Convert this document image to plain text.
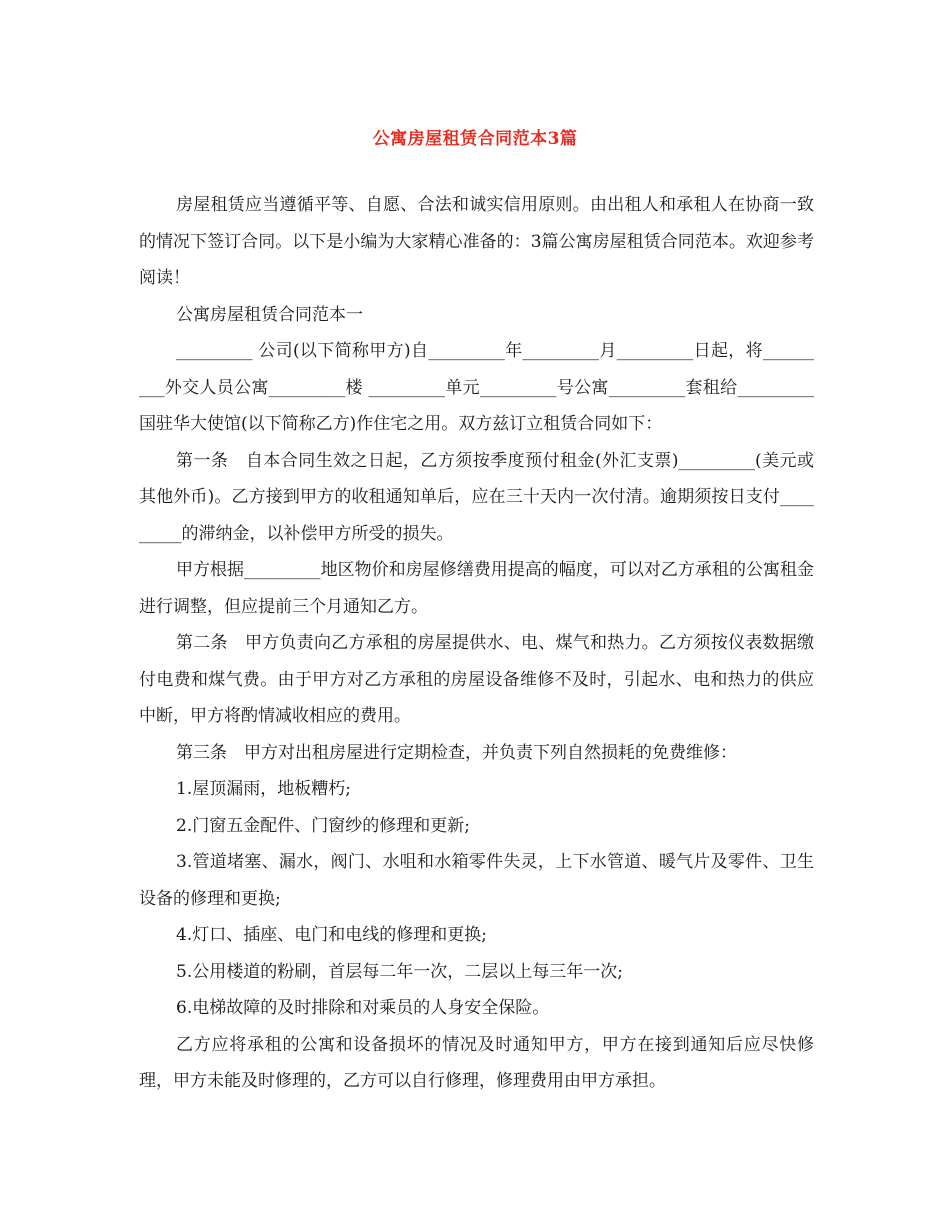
公寓房屋租赁合同范本3篇

房屋租赁应当遵循平等、自愿、合法和诚实信用原则。由出租人和承租人在协商一致的情况下签订合同。以下是小编为大家精心准备的：3篇公寓房屋租赁合同范本。欢迎参考阅读！

公寓房屋租赁合同范本一

_________ 公司(以下简称甲方)自_________年_________月_________日起，将_________外交人员公寓_________楼 _________单元_________号公寓_________套租给_________国驻华大使馆(以下简称乙方)作住宅之用。双方兹订立租赁合同如下：

第一条　自本合同生效之日起，乙方须按季度预付租金(外汇支票)_________(美元或其他外币)。乙方接到甲方的收租通知单后，应在三十天内一次付清。逾期须按日支付_________的滞纳金，以补偿甲方所受的损失。

甲方根据_________地区物价和房屋修缮费用提高的幅度，可以对乙方承租的公寓租金进行调整，但应提前三个月通知乙方。

第二条　甲方负责向乙方承租的房屋提供水、电、煤气和热力。乙方须按仪表数据缴付电费和煤气费。由于甲方对乙方承租的房屋设备维修不及时，引起水、电和热力的供应中断，甲方将酌情减收相应的费用。

第三条　甲方对出租房屋进行定期检查，并负责下列自然损耗的免费维修：

1.屋顶漏雨，地板糟朽;

2.门窗五金配件、门窗纱的修理和更新;

3.管道堵塞、漏水，阀门、水咀和水箱零件失灵，上下水管道、暖气片及零件、卫生设备的修理和更换;

4.灯口、插座、电门和电线的修理和更换;

5.公用楼道的粉刷，首层每二年一次，二层以上每三年一次;

6.电梯故障的及时排除和对乘员的人身安全保险。

乙方应将承租的公寓和设备损坏的情况及时通知甲方，甲方在接到通知后应尽快修理，甲方未能及时修理的，乙方可以自行修理，修理费用由甲方承担。
